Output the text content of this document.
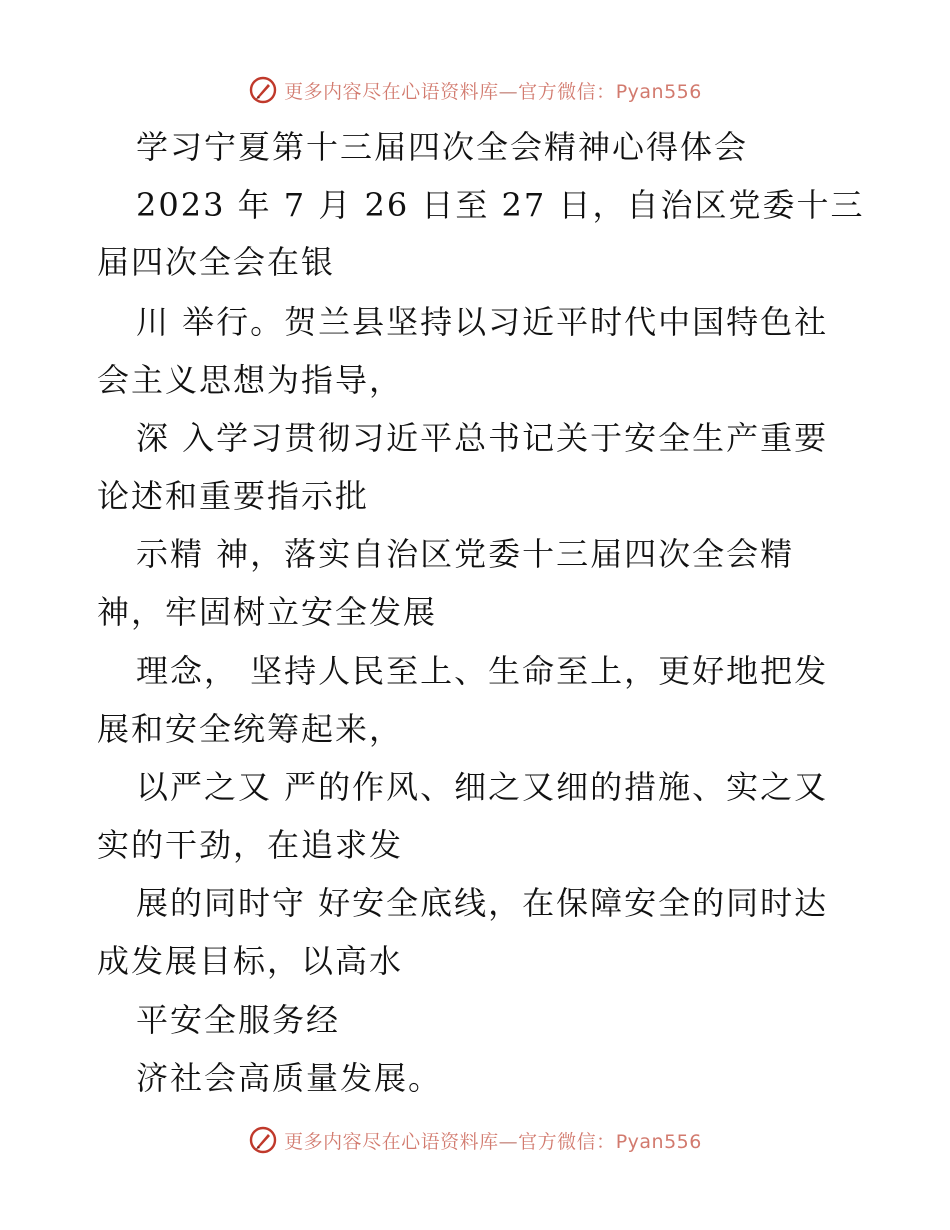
更多内容尽在心语资料库—官方微信：Pyan556
学习宁夏第十三届四次全会精神心得体会
2023 年 7 月 26 日至 27 日，自治区党委十三
届四次全会在银
川 举行。贺兰县坚持以习近平时代中国特色社
会主义思想为指导，
深 入学习贯彻习近平总书记关于安全生产重要
论述和重要指示批
示精 神，落实自治区党委十三届四次全会精
神，牢固树立安全发展
理念， 坚持人民至上、生命至上，更好地把发
展和安全统筹起来，
以严之又 严的作风、细之又细的措施、实之又
实的干劲，在追求发
展的同时守 好安全底线，在保障安全的同时达
成发展目标，以高水
平安全服务经
济社会高质量发展。
更多内容尽在心语资料库—官方微信：Pyan556
